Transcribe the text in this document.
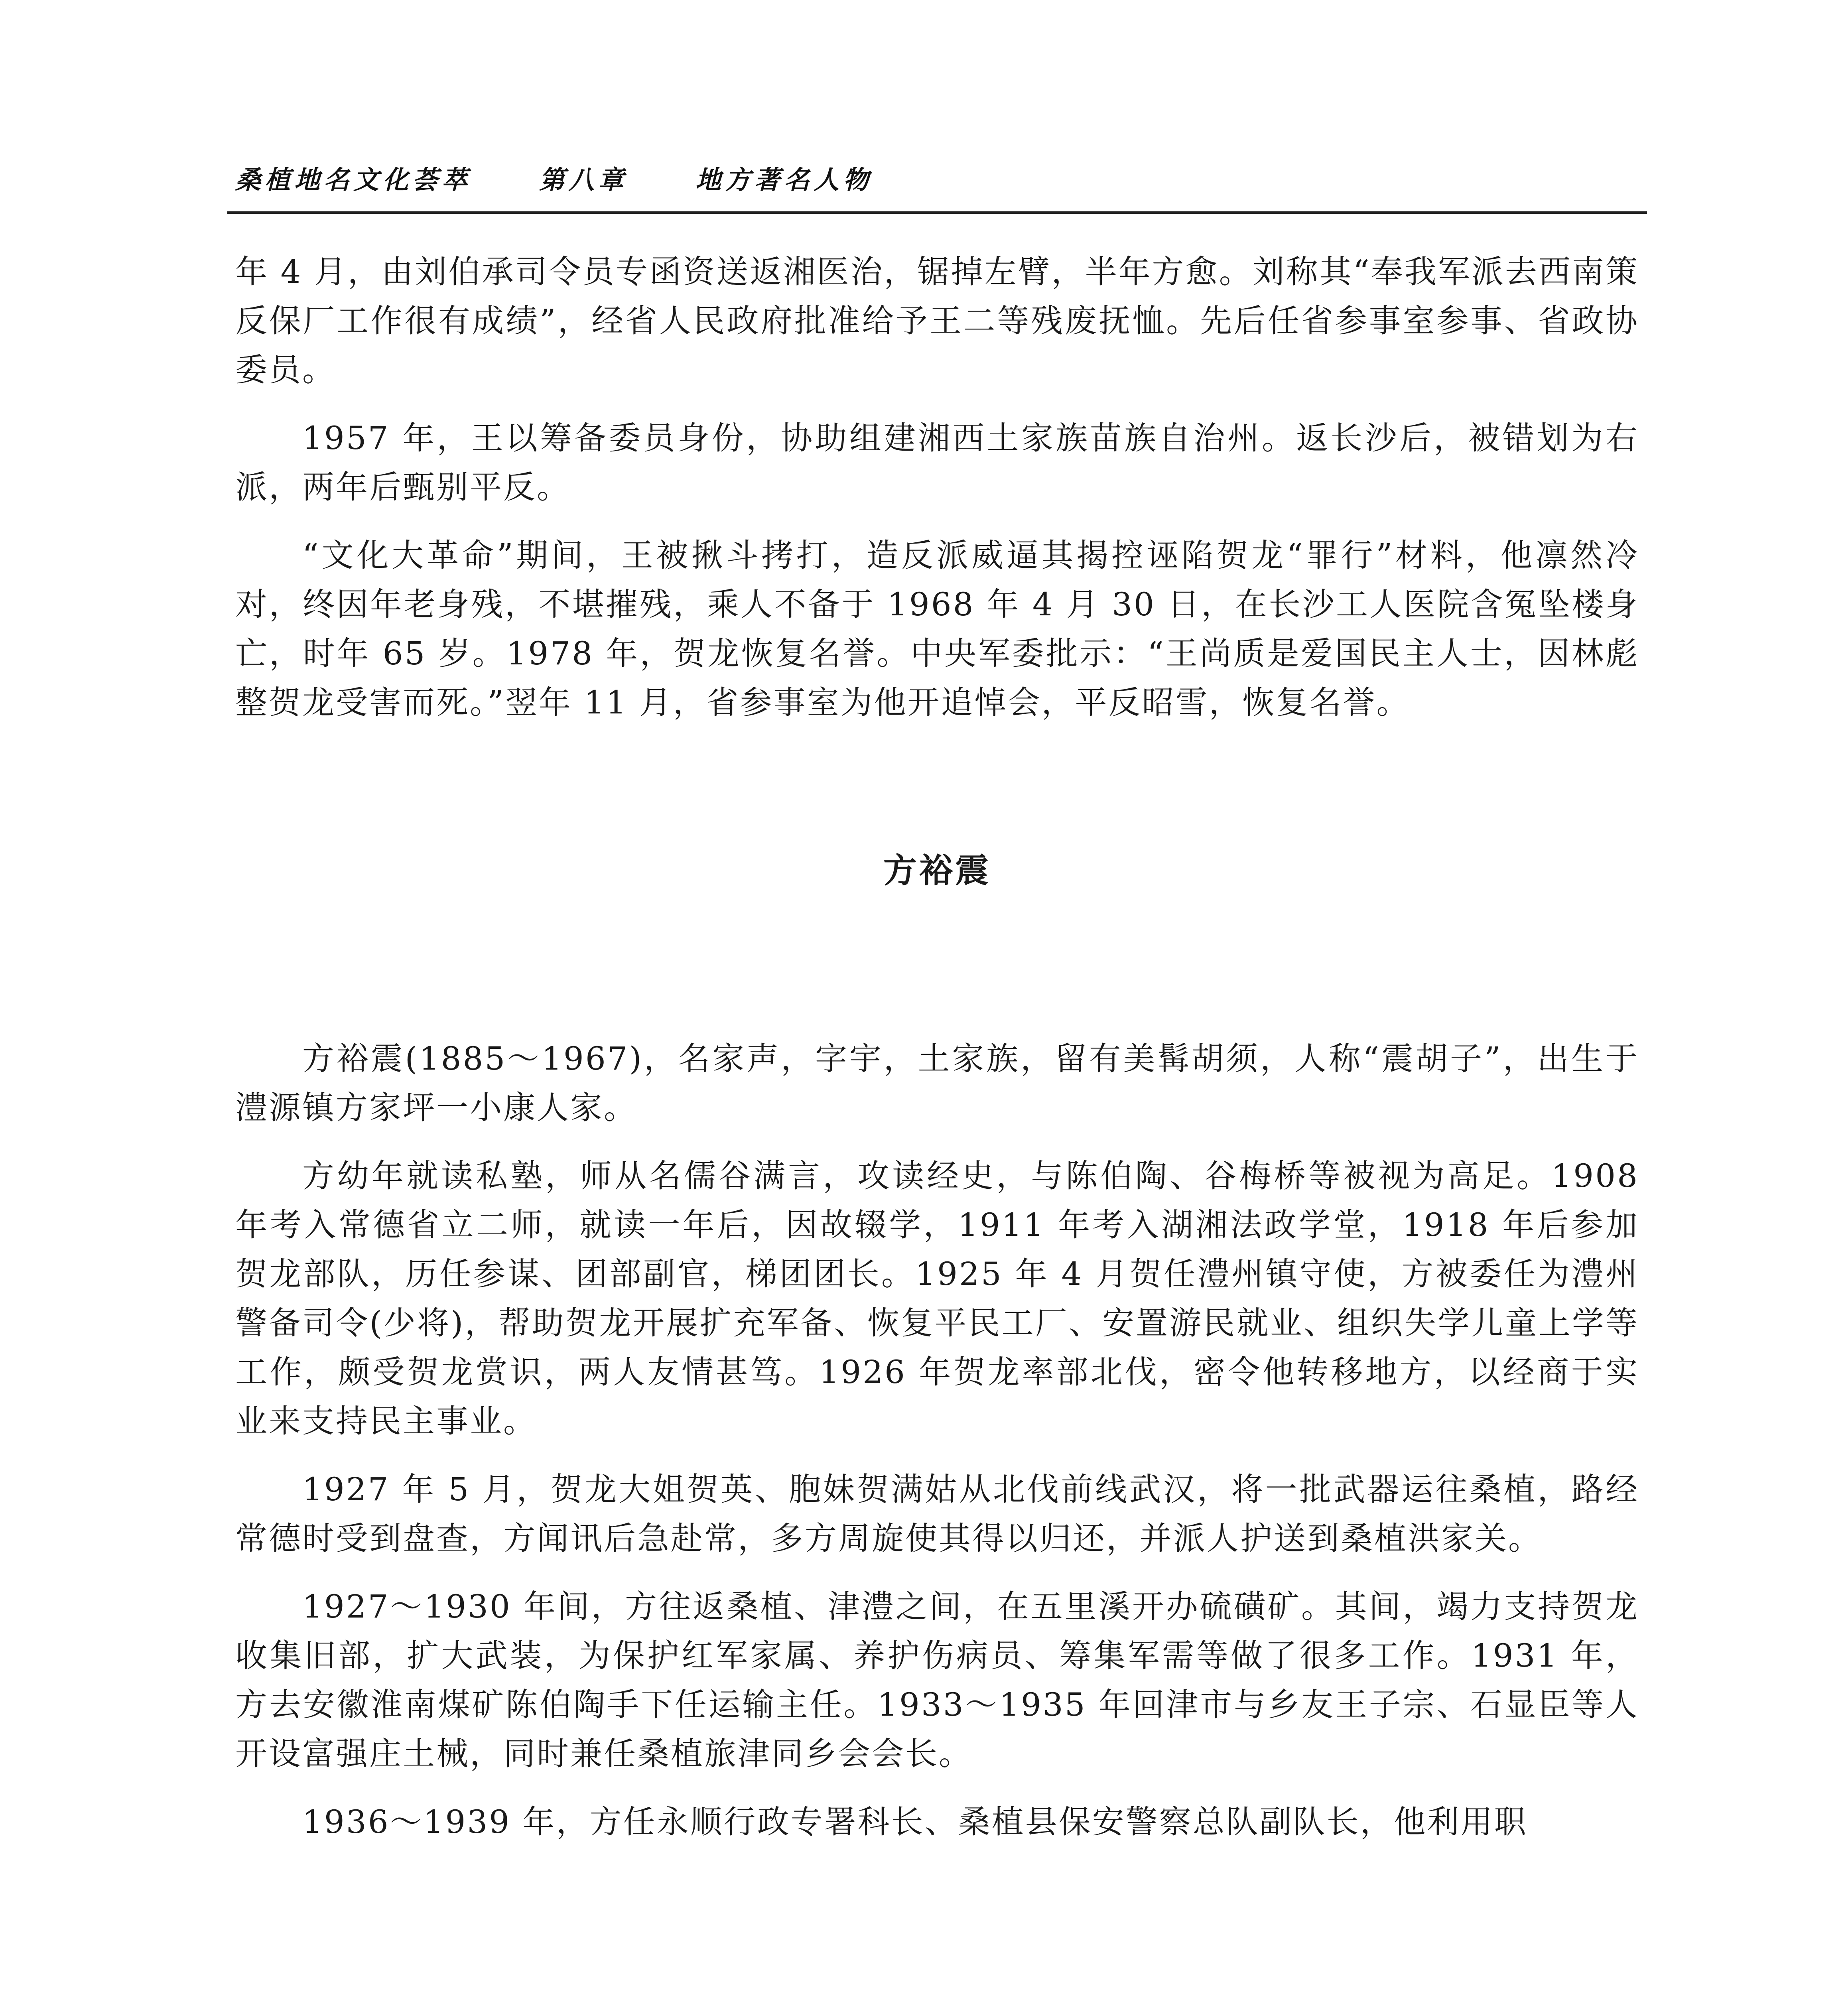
桑植地名文化荟萃	第八章	地方著名人物

年 4 月，由刘伯承司令员专函资送返湘医治，锯掉左臂，半年方愈。刘称其“奉我军派去西南策反保厂工作很有成绩”，经省人民政府批准给予王二等残废抚恤。先后任省参事室参事、省政协委员。

1957 年，王以筹备委员身份，协助组建湘西土家族苗族自治州。返长沙后，被错划为右派，两年后甄别平反。

“文化大革命”期间，王被揪斗拷打，造反派威逼其揭控诬陷贺龙“罪行”材料，他凛然冷对，终因年老身残，不堪摧残，乘人不备于 1968 年 4 月 30 日，在长沙工人医院含冤坠楼身亡，时年 65 岁。1978 年，贺龙恢复名誉。中央军委批示：“王尚质是爱国民主人士，因林彪整贺龙受害而死。”翌年 11 月，省参事室为他开追悼会，平反昭雪，恢复名誉。

方裕震

方裕震(1885～1967)，名家声，字宇，土家族，留有美髯胡须，人称“震胡子”，出生于澧源镇方家坪一小康人家。

方幼年就读私塾，师从名儒谷满言，攻读经史，与陈伯陶、谷梅桥等被视为高足。1908 年考入常德省立二师，就读一年后，因故辍学，1911 年考入湖湘法政学堂，1918 年后参加贺龙部队，历任参谋、团部副官，梯团团长。1925 年 4 月贺任澧州镇守使，方被委任为澧州警备司令(少将)，帮助贺龙开展扩充军备、恢复平民工厂、安置游民就业、组织失学儿童上学等工作，颇受贺龙赏识，两人友情甚笃。1926 年贺龙率部北伐，密令他转移地方，以经商于实业来支持民主事业。

1927 年 5 月，贺龙大姐贺英、胞妹贺满姑从北伐前线武汉，将一批武器运往桑植，路经常德时受到盘查，方闻讯后急赴常，多方周旋使其得以归还，并派人护送到桑植洪家关。

1927～1930 年间，方往返桑植、津澧之间，在五里溪开办硫磺矿。其间，竭力支持贺龙收集旧部，扩大武装，为保护红军家属、养护伤病员、筹集军需等做了很多工作。1931 年，方去安徽淮南煤矿陈伯陶手下任运输主任。1933～1935 年回津市与乡友王子宗、石显臣等人开设富强庄土械，同时兼任桑植旅津同乡会会长。

1936～1939 年，方任永顺行政专署科长、桑植县保安警察总队副队长，他利用职
